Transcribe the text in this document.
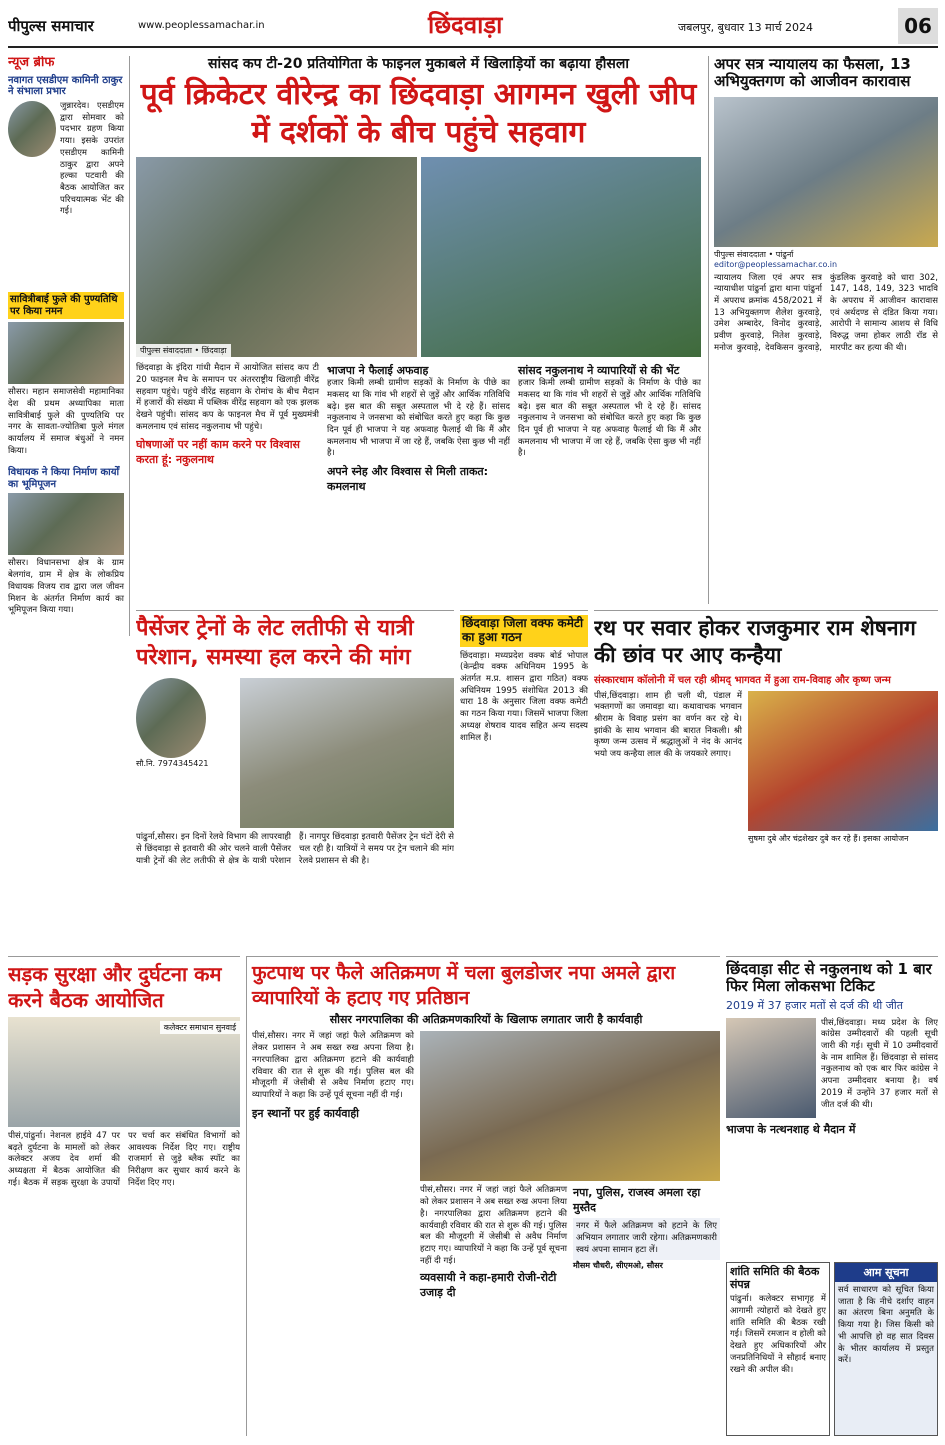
पीपुल्स समाचार	www.peoplessamachar.in	छिंदवाड़ा	जबलपुर, बुधवार 13 मार्च 2024	06
न्यूज ब्रीफ
नवागत एसडीएम कामिनी ठाकुर ने संभाला प्रभार
जुन्नारदेव। एसडीएम द्वारा सोमवार को पदभार ग्रहण किया गया। इसके उपरांत एसडीएम कामिनी ठाकुर द्वारा अपने हल्का पटवारी की बैठक आयोजित कर परिचयात्मक भेंट की गई।
सावित्रीबाई फुले की पुण्यतिथि पर किया नमन
सौसर। महान समाजसेवी महामानिका देश की प्रथम अध्यापिका माता सावित्रीबाई फुले की पुण्यतिथि पर नगर के सावता-ज्योतिबा फुले मंगल कार्यालय में समाज बंधुओं ने नमन किया।
विधायक ने किया निर्माण कार्यों का भूमिपूजन
सौसर। विधानसभा क्षेत्र के ग्राम बेलगांव, ग्राम में क्षेत्र के लोकप्रिय विधायक विजय राव द्वारा जल जीवन मिशन के अंतर्गत निर्माण कार्य का भूमिपूजन किया गया।
सांसद कप टी-20 प्रतियोगिता के फाइनल मुकाबले में खिलाड़ियों का बढ़ाया हौसला
पूर्व क्रिकेटर वीरेन्द्र का छिंदवाड़ा आगमन खुली जीप में दर्शकों के बीच पहुंचे सहवाग
पीपुल्स संवाददाता • छिंदवाड़ा
छिंदवाड़ा के इंदिरा गांधी मैदान में आयोजित सांसद कप टी 20 फाइनल मैच के समापन पर अंतरराष्ट्रीय खिलाड़ी वीरेंद्र सहवाग पहुंचे। पहुंचे वीरेंद्र सहवाग के रोमांच के बीच मैदान में हजारों की संख्या में पब्लिक वीरेंद्र सहवाग को एक झलक देखने पहुंची। सांसद कप के फाइनल मैच में पूर्व मुख्यमंत्री कमलनाथ एवं सांसद नकुलनाथ भी पहुंचे।
घोषणाओं पर नहीं काम करने पर विश्वास करता हूं: नकुलनाथ
भाजपा ने फैलाई अफवाह
हजार किमी लम्बी ग्रामीण सड़कों के निर्माण के पीछे का मकसद था कि गांव भी शहरों से जुड़ें और आर्थिक गतिविधि बढ़े। इस बात की सबूत अस्पताल भी दे रहे हैं। सांसद नकुलनाथ ने जनसभा को संबोधित करते हुए कहा कि कुछ दिन पूर्व ही भाजपा ने यह अफवाह फैलाई थी कि मैं और कमलनाथ भी भाजपा में जा रहे हैं, जबकि ऐसा कुछ भी नहीं है।
अपने स्नेह और विश्वास से मिली ताकत: कमलनाथ
सांसद नकुलनाथ ने व्यापारियों से की भेंट
हजार किमी लम्बी ग्रामीण सड़कों के निर्माण के पीछे का मकसद था कि गांव भी शहरों से जुड़ें और आर्थिक गतिविधि बढ़े। इस बात की सबूत अस्पताल भी दे रहे हैं। सांसद नकुलनाथ ने जनसभा को संबोधित करते हुए कहा कि कुछ दिन पूर्व ही भाजपा ने यह अफवाह फैलाई थी कि मैं और कमलनाथ भी भाजपा में जा रहे हैं, जबकि ऐसा कुछ भी नहीं है।
अपर सत्र न्यायालय का फैसला, 13 अभियुक्तगण को आजीवन कारावास
पीपुल्स संवाददाता • पांढुर्ना
editor@peoplessamachar.co.in
न्यायालय जिला एवं अपर सत्र न्यायाधीश पांढुर्ना द्वारा थाना पांढुर्ना में अपराध क्रमांक 458/2021 में 13 अभियुक्तगण शैलेश कुरवाड़े, उमेश अम्बादेर, विनोद कुरवाड़े, प्रवीण कुरवाड़े, नितेश कुरवाड़े, मनोज कुरवाड़े, देवकिसन कुरवाड़े, कुंडलिक कुरवाड़े को धारा 302, 147, 148, 149, 323 भादवि के अपराध में आजीवन कारावास एवं अर्थदण्ड से दंडित किया गया। आरोपी ने सामान्य आशय से विधि विरुद्ध जमा होकर लाठी रॉड से मारपीट कर हत्या की थी।
पैसेंजर ट्रेनों के लेट लतीफी से यात्री परेशान, समस्या हल करने की मांग
सौ.नि. 7974345421
पांढुर्ना,सौसर। इन दिनों रेलवे विभाग की लापरवाही से छिंदवाड़ा से इतवारी की ओर चलने वाली पैसेंजर यात्री ट्रेनों की लेट लतीफी से क्षेत्र के यात्री परेशान हैं। नागपुर छिंदवाड़ा इतवारी पैसेंजर ट्रेन घंटों देरी से चल रही है। यात्रियों ने समय पर ट्रेन चलाने की मांग रेलवे प्रशासन से की है।
छिंदवाड़ा जिला वक्फ कमेटी का हुआ गठन
छिंदवाड़ा। मध्यप्रदेश वक्फ बोर्ड भोपाल (केन्द्रीय वक्फ अधिनियम 1995 के अंतर्गत म.प्र. शासन द्वारा गठित) वक्फ अधिनियम 1995 संशोधित 2013 की धारा 18 के अनुसार जिला वक्फ कमेटी का गठन किया गया। जिसमें भाजपा जिला अध्यक्ष शेषराव यादव सहित अन्य सदस्य शामिल हैं।
रथ पर सवार होकर राजकुमार राम शेषनाग की छांव पर आए कन्हैया
संस्कारधाम कॉलोनी में चल रही श्रीमद् भागवत में हुआ राम-विवाह और कृष्ण जन्म
पीसं,छिंदवाड़ा। शाम ही चली थी, पंडाल में भक्तगणों का जमावड़ा था। कथावाचक भगवान श्रीराम के विवाह प्रसंग का वर्णन कर रहे थे। झांकी के साथ भगवान की बारात निकली। श्री कृष्ण जन्म उत्सव में श्रद्धालुओं ने नंद के आनंद भयो जय कन्हैया लाल की के जयकारे लगाए।
सुषमा दुबे और चंद्रशेखर दुबे कर रहे हैं। इसका आयोजन
सड़क सुरक्षा और दुर्घटना कम करने बैठक आयोजित
कलेक्टर समाधान सुनवाई
पीसं,पांढुर्ना। नेशनल हाईवे 47 पर बढ़ते दुर्घटना के मामलों को लेकर कलेक्टर अजय देव शर्मा की अध्यक्षता में बैठक आयोजित की गई। बैठक में सड़क सुरक्षा के उपायों पर चर्चा कर संबंधित विभागों को आवश्यक निर्देश दिए गए। राष्ट्रीय राजमार्ग से जुड़े ब्लैक स्पॉट का निरीक्षण कर सुधार कार्य करने के निर्देश दिए गए।
फुटपाथ पर फैले अतिक्रमण में चला बुलडोजर नपा अमले द्वारा व्यापारियों के हटाए गए प्रतिष्ठान
सौसर नगरपालिका की अतिक्रमणकारियों के खिलाफ लगातार जारी है कार्यवाही
पीसं,सौसर। नगर में जहां जहां फैले अतिक्रमण को लेकर प्रशासन ने अब सख्त रुख अपना लिया है। नगरपालिका द्वारा अतिक्रमण हटाने की कार्यवाही रविवार की रात से शुरू की गई। पुलिस बल की मौजूदगी में जेसीबी से अवैध निर्माण हटाए गए। व्यापारियों ने कहा कि उन्हें पूर्व सूचना नहीं दी गई।
इन स्थानों पर हुई कार्यवाही
पीसं,सौसर। नगर में जहां जहां फैले अतिक्रमण को लेकर प्रशासन ने अब सख्त रुख अपना लिया है। नगरपालिका द्वारा अतिक्रमण हटाने की कार्यवाही रविवार की रात से शुरू की गई। पुलिस बल की मौजूदगी में जेसीबी से अवैध निर्माण हटाए गए। व्यापारियों ने कहा कि उन्हें पूर्व सूचना नहीं दी गई।
व्यवसायी ने कहा-हमारी रोजी-रोटी उजाड़ दी
नपा, पुलिस, राजस्व अमला रहा मुस्तैद
नगर में फैले अतिक्रमण को हटाने के लिए अभियान लगातार जारी रहेगा। अतिक्रमणकारी स्वयं अपना सामान हटा लें।
मौसम चौधरी, सीएमओ, सौसर
छिंदवाड़ा सीट से नकुलनाथ को 1 बार फिर मिला लोकसभा टिकिट
2019 में 37 हजार मतों से दर्ज की थी जीत
पीसं,छिंदवाड़ा। मध्य प्रदेश के लिए कांग्रेस उम्मीदवारों की पहली सूची जारी की गई। सूची में 10 उम्मीदवारों के नाम शामिल हैं। छिंदवाड़ा से सांसद नकुलनाथ को एक बार फिर कांग्रेस ने अपना उम्मीदवार बनाया है। वर्ष 2019 में उन्होंने 37 हजार मतों से जीत दर्ज की थी।
भाजपा के नत्थनशाह थे मैदान में
शांति समिति की बैठक संपन्न
पांढुर्ना। कलेक्टर सभागृह में आगामी त्योहारों को देखते हुए शांति समिति की बैठक रखी गई। जिसमें रमजान व होली को देखते हुए अधिकारियों और जनप्रतिनिधियों ने सौहार्द बनाए रखने की अपील की।
आम सूचना
सर्व साधारण को सूचित किया जाता है कि नीचे दर्शाए वाहन का अंतरण बिना अनुमति के किया गया है। जिस किसी को भी आपत्ति हो वह सात दिवस के भीतर कार्यालय में प्रस्तुत करें।
